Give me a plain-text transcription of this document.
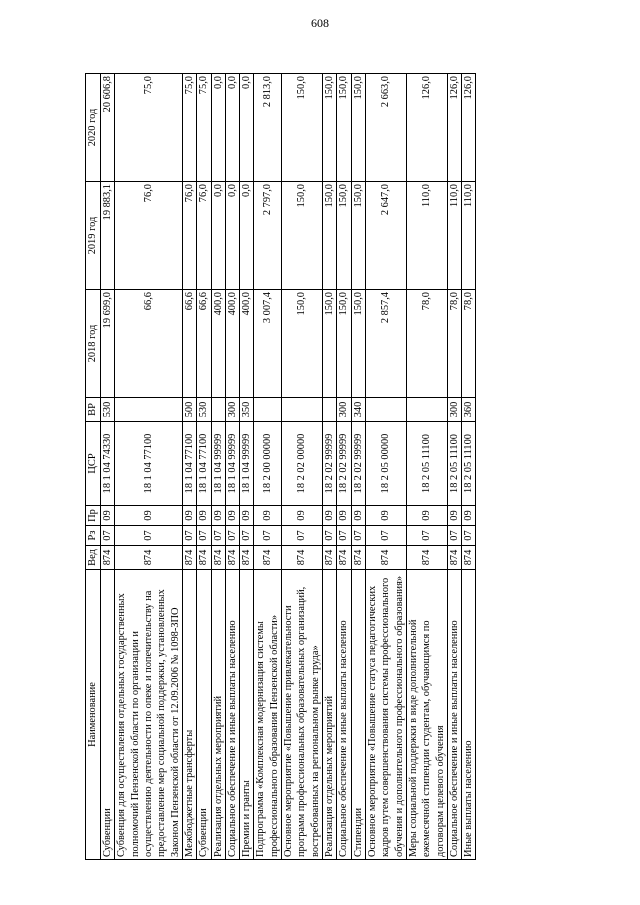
608
Наименование	Вед	Рз	Пр	ЦСР	ВР	2018 год	2019 год	2020 год
Субвенции	874	07	09	18 1 04 74330	530	19 699,0	19 883,1	20 606,8
Субвенция для осуществления отдельных государственных полномочий Пензенской области по организации и осуществлению деятельности по опеке и попечительству на предоставление мер социальной поддержки, установленных Законом Пензенской области от 12.09.2006 № 1098-ЗПО	874	07	09	18 1 04 77100		66,6	76,0	75,0
Межбюджетные трансферты	874	07	09	18 1 04 77100	500	66,6	76,0	75,0
Субвенции	874	07	09	18 1 04 77100	530	66,6	76,0	75,0
Реализация отдельных мероприятий	874	07	09	18 1 04 99999		400,0	0,0	0,0
Социальное обеспечение и иные выплаты населению	874	07	09	18 1 04 99999	300	400,0	0,0	0,0
Премии и гранты	874	07	09	18 1 04 99999	350	400,0	0,0	0,0
Подпрограмма «Комплексная модернизация системы профессионального образования Пензенской области»	874	07	09	18 2 00 00000		3 007,4	2 797,0	2 813,0
Основное мероприятие «Повышение привлекательности программ профессиональных образовательных организаций, востребованных на региональном рынке труда»	874	07	09	18 2 02 00000		150,0	150,0	150,0
Реализация отдельных мероприятий	874	07	09	18 2 02 99999		150,0	150,0	150,0
Социальное обеспечение и иные выплаты населению	874	07	09	18 2 02 99999	300	150,0	150,0	150,0
Стипендии	874	07	09	18 2 02 99999	340	150,0	150,0	150,0
Основное мероприятие «Повышение статуса педагогических кадров путем совершенствования системы профессионального обучения и дополнительного профессионального образования»	874	07	09	18 2 05 00000		2 857,4	2 647,0	2 663,0
Меры социальной поддержки в виде дополнительной ежемесячной стипендии студентам, обучающимся по договорам целевого обучения	874	07	09	18 2 05 11100		78,0	110,0	126,0
Социальное обеспечение и иные выплаты населению	874	07	09	18 2 05 11100	300	78,0	110,0	126,0
Иные выплаты населению	874	07	09	18 2 05 11100	360	78,0	110,0	126,0
